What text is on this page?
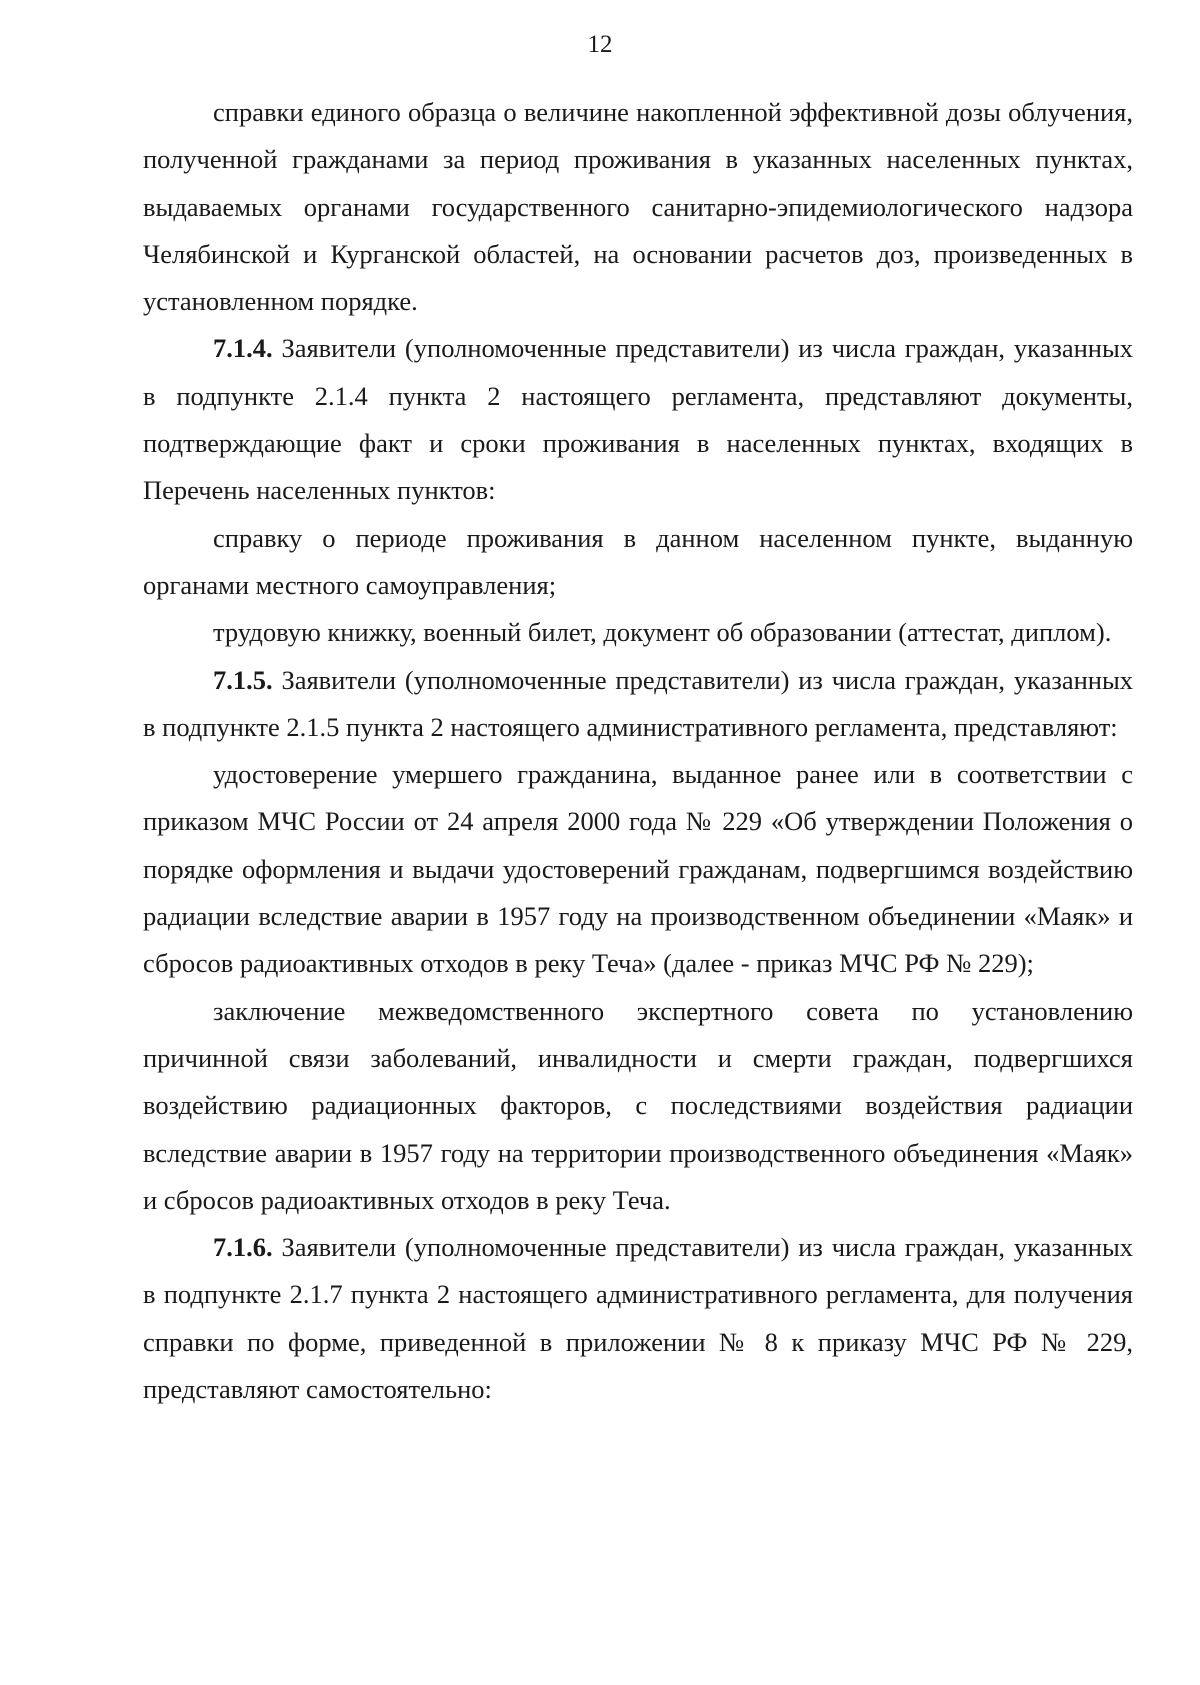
12

справки единого образца о величине накопленной эффективной дозы облучения, полученной гражданами за период проживания в указанных населенных пунктах, выдаваемых органами государственного санитарно-эпидемиологического надзора Челябинской и Курганской областей, на основании расчетов доз, произведенных в установленном порядке.

7.1.4. Заявители (уполномоченные представители) из числа граждан, указанных в подпункте 2.1.4 пункта 2 настоящего регламента, представляют документы, подтверждающие факт и сроки проживания в населенных пунктах, входящих в Перечень населенных пунктов:

справку о периоде проживания в данном населенном пункте, выданную органами местного самоуправления;

трудовую книжку, военный билет, документ об образовании (аттестат, диплом).

7.1.5. Заявители (уполномоченные представители) из числа граждан, указанных в подпункте 2.1.5 пункта 2 настоящего административного регламента, представляют:

удостоверение умершего гражданина, выданное ранее или в соответствии с приказом МЧС России от 24 апреля 2000 года № 229 «Об утверждении Положения о порядке оформления и выдачи удостоверений гражданам, подвергшимся воздействию радиации вследствие аварии в 1957 году на производственном объединении «Маяк» и сбросов радиоактивных отходов в реку Теча» (далее - приказ МЧС РФ № 229);

заключение межведомственного экспертного совета по установлению причинной связи заболеваний, инвалидности и смерти граждан, подвергшихся воздействию радиационных факторов, с последствиями воздействия радиации вследствие аварии в 1957 году на территории производственного объединения «Маяк» и сбросов радиоактивных отходов в реку Теча.

7.1.6. Заявители (уполномоченные представители) из числа граждан, указанных в подпункте 2.1.7 пункта 2 настоящего административного регламента, для получения справки по форме, приведенной в приложении № 8 к приказу МЧС РФ № 229, представляют самостоятельно:
